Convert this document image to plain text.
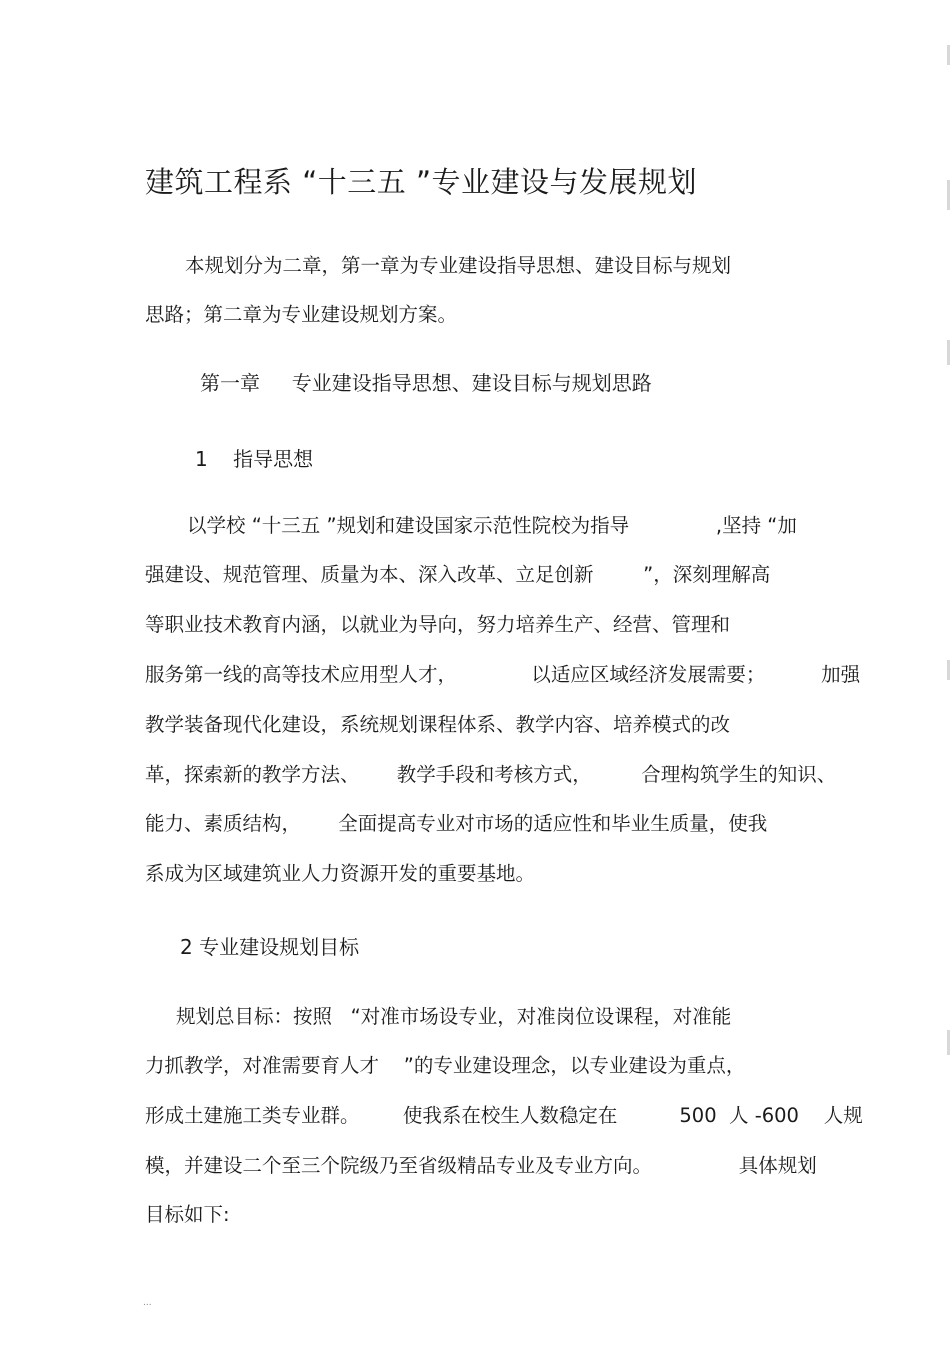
建筑工程系 “十三五 ”专业建设与发展规划
本规划分为二章，第一章为专业建设指导思想、建设目标与规划
思路；第二章为专业建设规划方案。
第一章     专业建设指导思想、建设目标与规划思路
1    指导思想
以学校 “十三五 ”规划和建设国家示范性院校为指导              ,坚持 “加
强建设、规范管理、质量为本、深入改革、立足创新        ”，深刻理解高
等职业技术教育内涵，以就业为导向，努力培养生产、经营、管理和
服务第一线的高等技术应用型人才，            以适应区域经济发展需要；         加强
教学装备现代化建设，系统规划课程体系、教学内容、培养模式的改
革，探索新的教学方法、      教学手段和考核方式，        合理构筑学生的知识、
能力、素质结构，      全面提高专业对市场的适应性和毕业生质量，使我
系成为区域建筑业人力资源开发的重要基地。
2 专业建设规划目标
规划总目标：按照   “对准市场设专业，对准岗位设课程，对准能
力抓教学，对准需要育人才    ”的专业建设理念，以专业建设为重点，
形成土建施工类专业群。       使我系在校生人数稳定在          500  人 -600    人规
模，并建设二个至三个院级乃至省级精品专业及专业方向。              具体规划
目标如下:
...
